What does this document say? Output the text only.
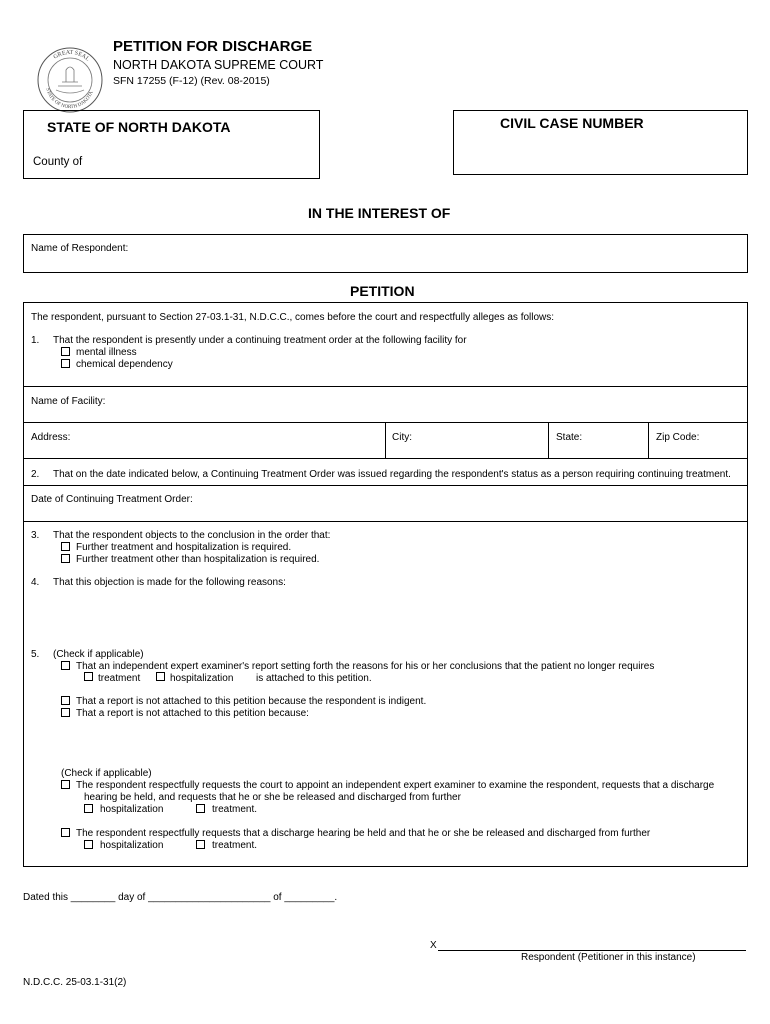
GREAT SEAL
STATE OF NORTH DAKOTA
PETITION FOR DISCHARGE
NORTH DAKOTA SUPREME COURT
SFN 17255 (F-12) (Rev. 08-2015)
STATE OF NORTH DAKOTA
County of
CIVIL CASE NUMBER
IN THE INTEREST OF
Name of Respondent:
PETITION
The respondent, pursuant to Section 27-03.1-31, N.D.C.C., comes before the court and respectfully alleges as follows:
1. That the respondent is presently under a continuing treatment order at the following facility for
mental illness
chemical dependency
Name of Facility:
Address:	City:	State:	Zip Code:
2. That on the date indicated below, a Continuing Treatment Order was issued regarding the respondent's status as a person requiring continuing treatment.
Date of Continuing Treatment Order:
3. That the respondent objects to the conclusion in the order that:
Further treatment and hospitalization is required.
Further treatment other than hospitalization is required.
4. That this objection is made for the following reasons:
5. (Check if applicable)
That an independent expert examiner's report setting forth the reasons for his or her conclusions that the patient no longer requires
treatment	hospitalization is attached to this petition.
That a report is not attached to this petition because the respondent is indigent.
That a report is not attached to this petition because:
(Check if applicable)
The respondent respectfully requests the court to appoint an independent expert examiner to examine the respondent, requests that a discharge
hearing be held, and requests that he or she be released and discharged from further
hospitalization	treatment.
The respondent respectfully requests that a discharge hearing be held and that he or she be released and discharged from further
hospitalization	treatment.
Dated this ________ day of ______________________ of _________.
X
Respondent (Petitioner in this instance)
N.D.C.C. 25-03.1-31(2)
